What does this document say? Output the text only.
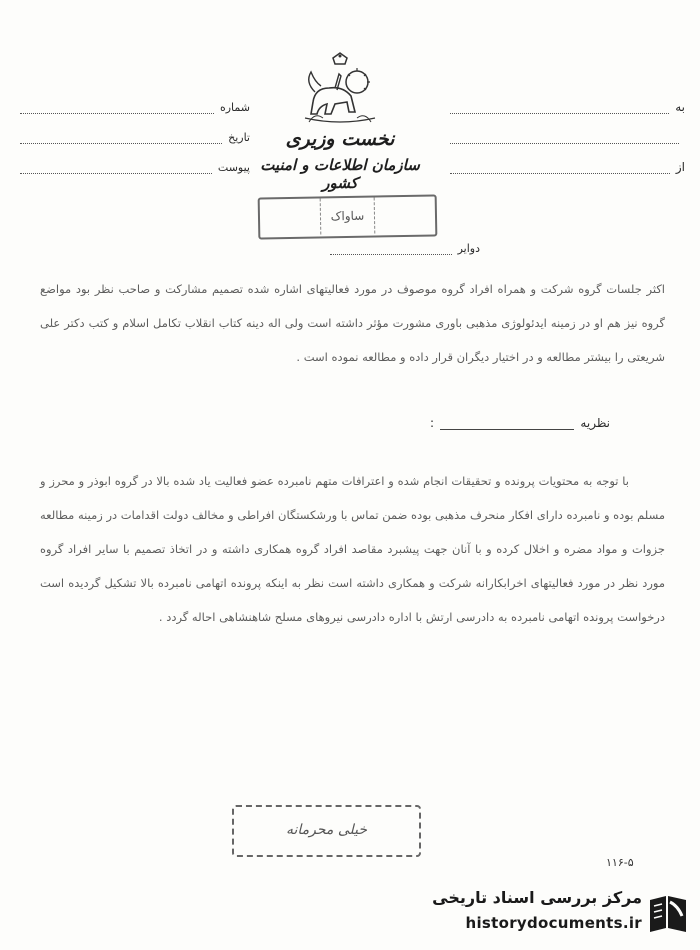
نخست وزیری
سازمان اطلاعات و امنیت کشور
ساواک
شماره
تاریخ
پیوست
به
از
دوایر
اکثر جلسات گروه شرکت و همراه افراد گروه موصوف در مورد فعالیتهای اشاره شده تصمیم مشارکت و صاحب نظر بود مواضع گروه نیز هم او در زمینه ایدئولوژی مذهبی باوری مشورت مؤثر داشته است ولی اله دینه کتاب انقلاب تکامل اسلام و کتب دکتر علی شریعتی را بیشتر مطالعه و در اختیار دیگران قرار داده و مطالعه نموده است .
نظریه
:
با توجه به محتویات پرونده و تحقیقات انجام شده و اعترافات متهم نامبرده عضو فعالیت یاد شده بالا در گروه ابوذر و محرز و مسلم بوده و نامبرده دارای افکار منحرف مذهبی بوده ضمن تماس با ورشکستگان افراطی و مخالف دولت اقدامات در زمینه مطالعه جزوات و مواد مضره و اخلال کرده و با آنان جهت پیشبرد مقاصد افراد گروه همکاری داشته و در اتخاذ تصمیم با سایر افراد گروه مورد نظر در مورد فعالیتهای اخرابکارانه شرکت و همکاری داشته است نظر به اینکه پرونده اتهامی نامبرده بالا تشکیل گردیده است درخواست پرونده اتهامی نامبرده به دادرسی ارتش با اداره دادرسی نیروهای مسلح شاهنشاهی احاله گردد .
خیلی محرمانه
۱۱۶-۵
مرکز بررسی اسناد تاریخی
historydocuments.ir
